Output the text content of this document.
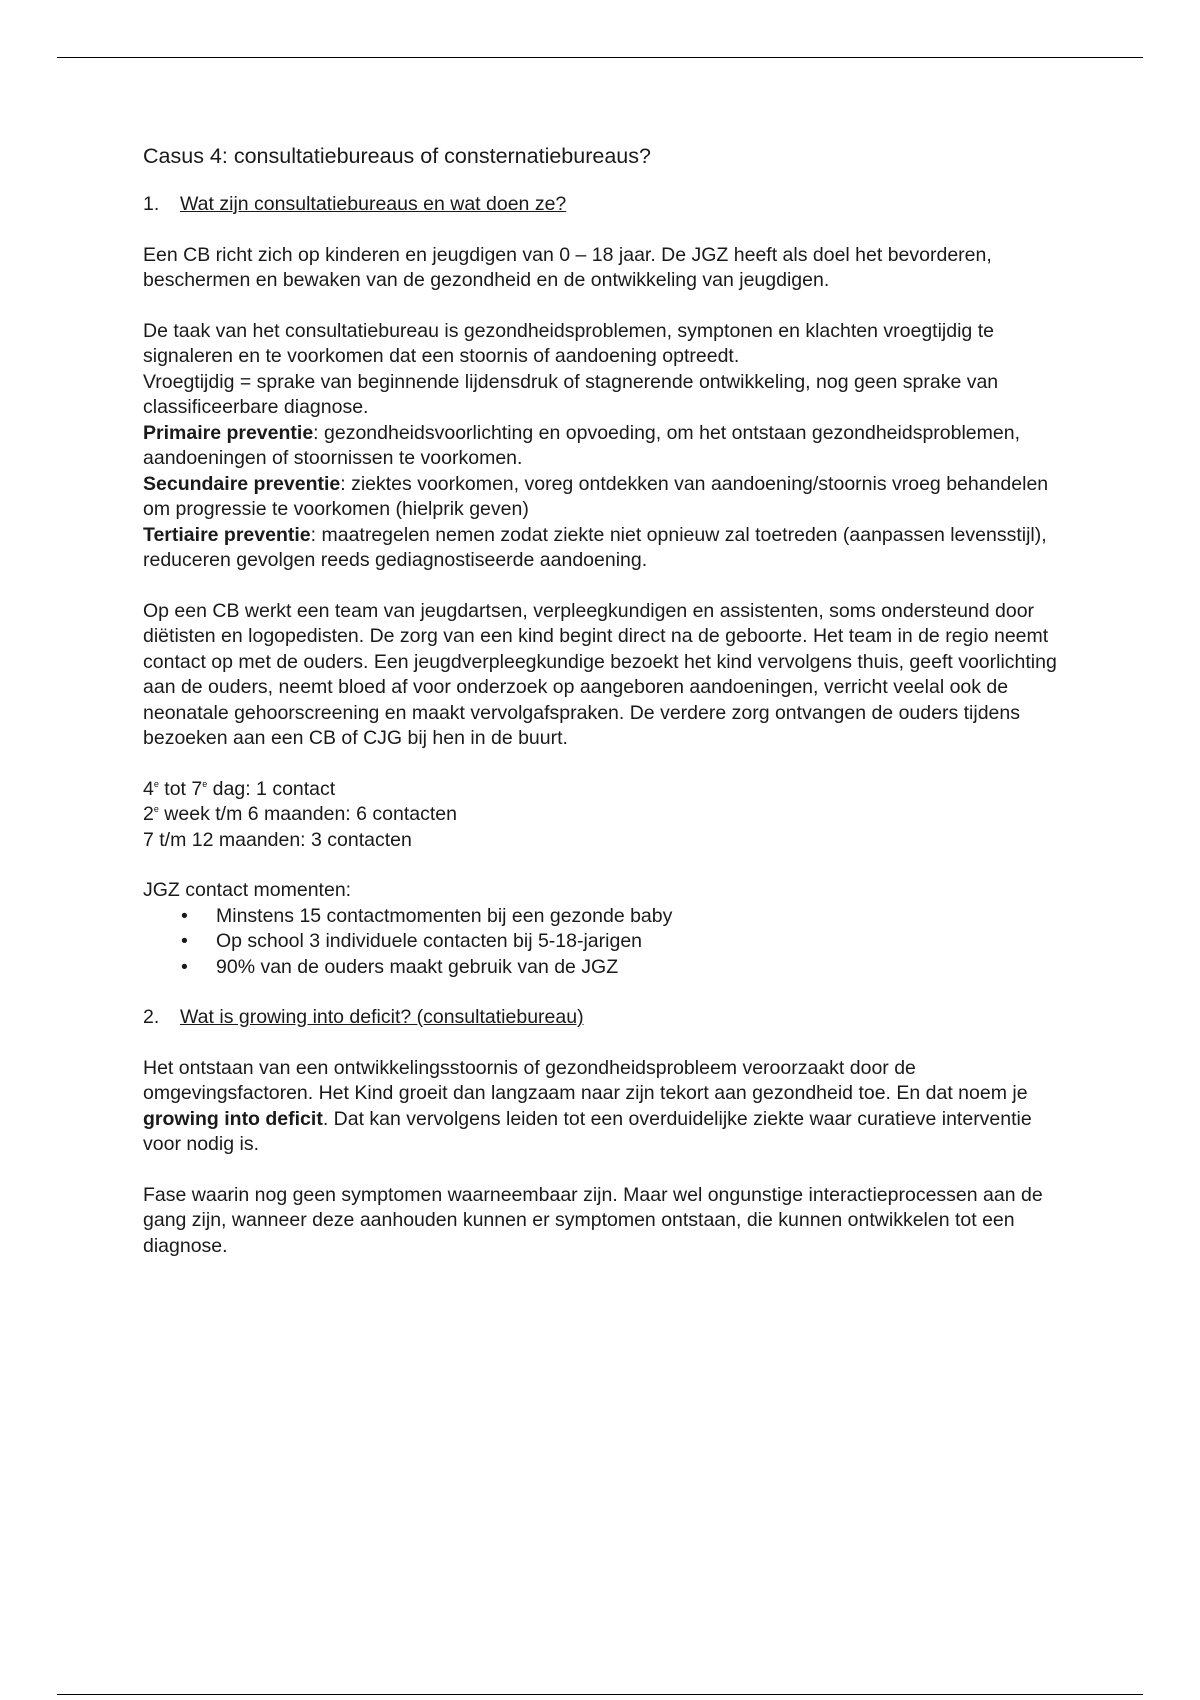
Casus 4: consultatiebureaus of consternatiebureaus?
1.	Wat zijn consultatiebureaus en wat doen ze?

Een CB richt zich op kinderen en jeugdigen van 0 – 18 jaar. De JGZ heeft als doel het bevorderen, beschermen en bewaken van de gezondheid en de ontwikkeling van jeugdigen.

De taak van het consultatiebureau is gezondheidsproblemen, symptonen en klachten vroegtijdig te signaleren en te voorkomen dat een stoornis of aandoening optreedt.
Vroegtijdig = sprake van beginnende lijdensdruk of stagnerende ontwikkeling, nog geen sprake van classificeerbare diagnose.
Primaire preventie: gezondheidsvoorlichting en opvoeding, om het ontstaan gezondheidsproblemen, aandoeningen of stoornissen te voorkomen.
Secundaire preventie: ziektes voorkomen, voreg ontdekken van aandoening/stoornis vroeg behandelen om progressie te voorkomen (hielprik geven)
Tertiaire preventie: maatregelen nemen zodat ziekte niet opnieuw zal toetreden (aanpassen levensstijl), reduceren gevolgen reeds gediagnostiseerde aandoening.

Op een CB werkt een team van jeugdartsen, verpleegkundigen en assistenten, soms ondersteund door diëtisten en logopedisten. De zorg van een kind begint direct na de geboorte. Het team in de regio neemt contact op met de ouders. Een jeugdverpleegkundige bezoekt het kind vervolgens thuis, geeft voorlichting aan de ouders, neemt bloed af voor onderzoek op aangeboren aandoeningen, verricht veelal ook de neonatale gehoorscreening en maakt vervolgafspraken. De verdere zorg ontvangen de ouders tijdens bezoeken aan een CB of CJG bij hen in de buurt.

4e tot 7e dag: 1 contact
2e week t/m 6 maanden: 6 contacten
7 t/m 12 maanden: 3 contacten
JGZ contact momenten:
• Minstens 15 contactmomenten bij een gezonde baby
• Op school 3 individuele contacten bij 5-18-jarigen
• 90% van de ouders maakt gebruik van de JGZ
2.	Wat is growing into deficit? (consultatiebureau)

Het ontstaan van een ontwikkelingsstoornis of gezondheidsprobleem veroorzaakt door de omgevingsfactoren. Het Kind groeit dan langzaam naar zijn tekort aan gezondheid toe. En dat noem je growing into deficit. Dat kan vervolgens leiden tot een overduidelijke ziekte waar curatieve interventie voor nodig is.

Fase waarin nog geen symptomen waarneembaar zijn. Maar wel ongunstige interactieprocessen aan de gang zijn, wanneer deze aanhouden kunnen er symptomen ontstaan, die kunnen ontwikkelen tot een diagnose.
